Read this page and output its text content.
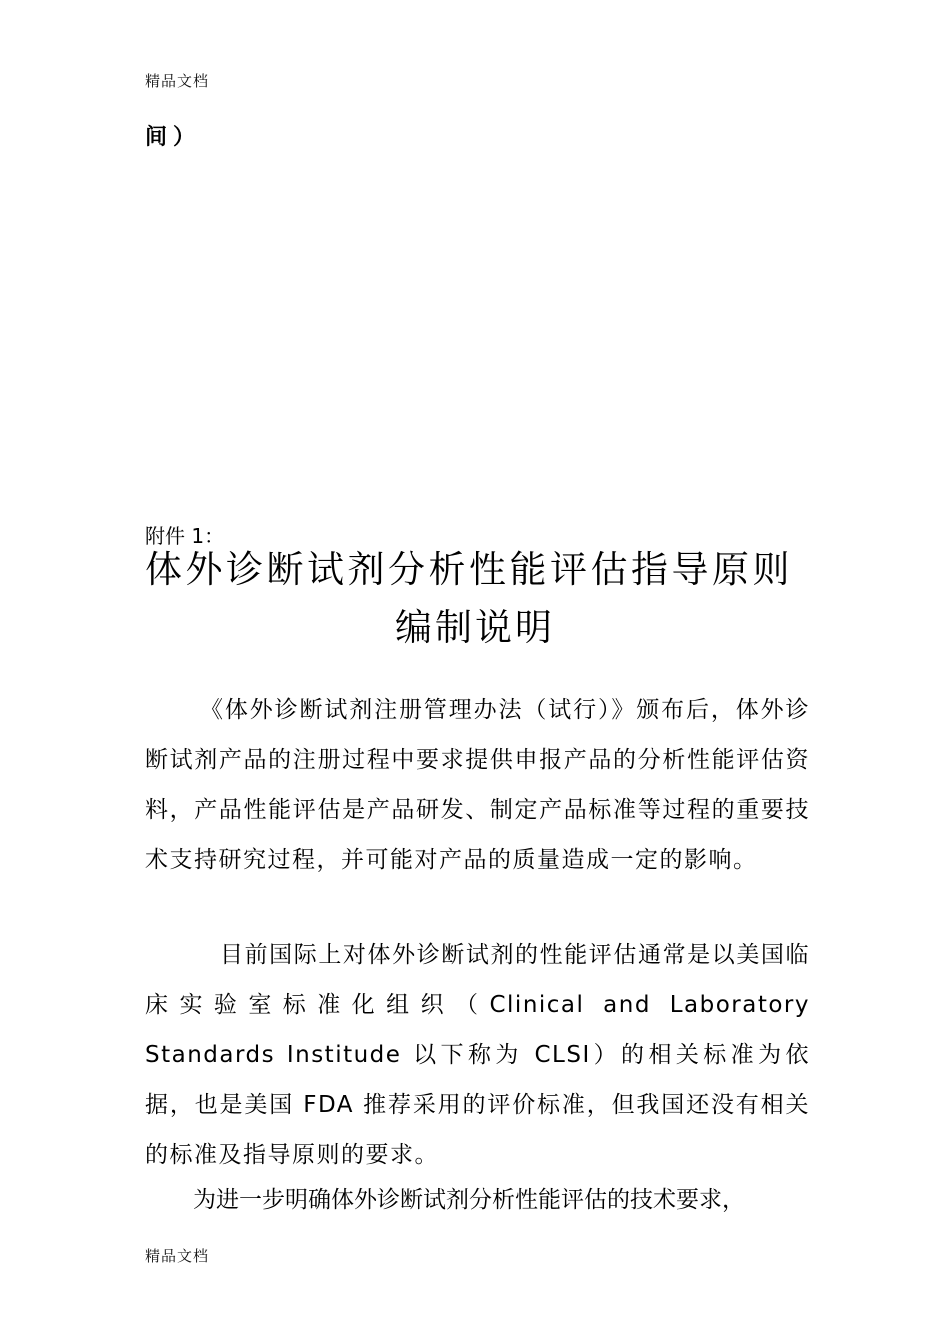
精品文档
间）
附件 1：
体外诊断试剂分析性能评估指导原则
编制说明

《体外诊断试剂注册管理办法（试行）》颁布后，体外诊断试剂产品的注册过程中要求提供申报产品的分析性能评估资料，产品性能评估是产品研发、制定产品标准等过程的重要技术支持研究过程，并可能对产品的质量造成一定的影响。

目前国际上对体外诊断试剂的性能评估通常是以美国临床实验室标准化组织（Clinical and Laboratory Standards Institude 以下称为 CLSI）的相关标准为依据，也是美国 FDA 推荐采用的评价标准，但我国还没有相关的标准及指导原则的要求。

为进一步明确体外诊断试剂分析性能评估的技术要求，

精品文档
